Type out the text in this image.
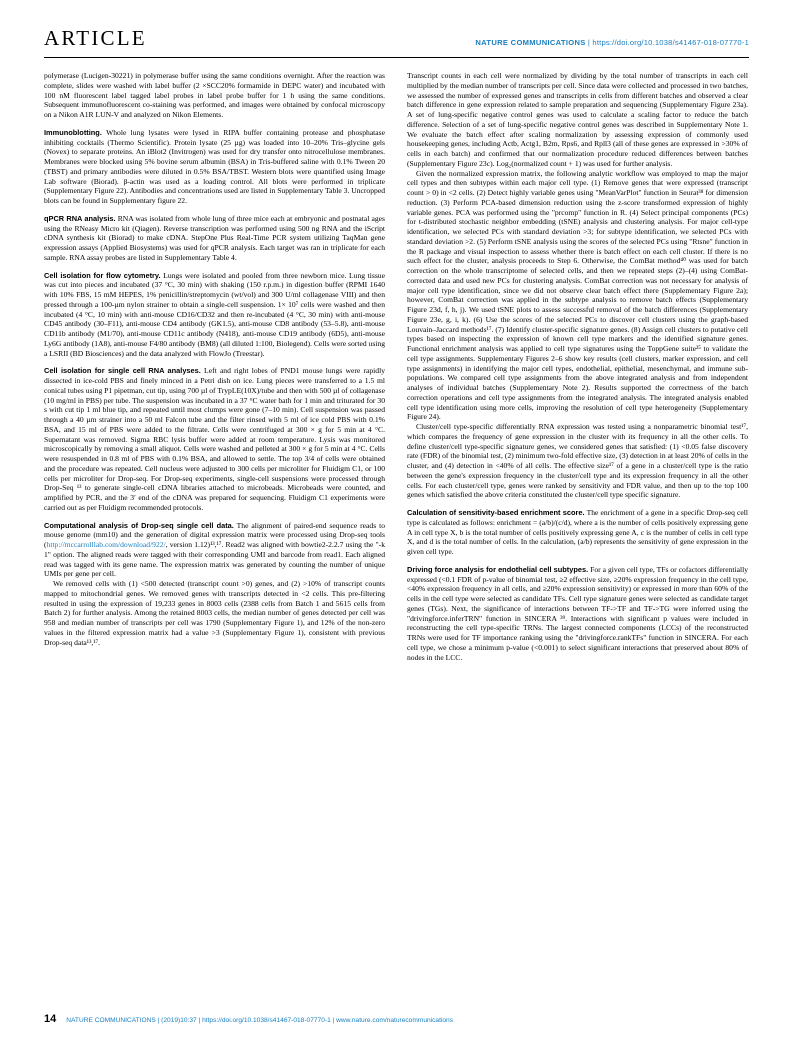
ARTICLE	NATURE COMMUNICATIONS | https://doi.org/10.1038/s41467-018-07770-1

polymerase (Lucigen-30221) in polymerase buffer using the same conditions overnight. After the reaction was complete, slides were washed with label buffer (2 ×SCC20% formamide in DEPC water) and incubated with 100 nM fluorescent label tagged label probes in label probe buffer for 1 h using the same conditions. Subsequent immunofluorescent co-staining was performed, and images were obtained by confocal microscopy on a Nikon A1R LUN-V and analyzed on Nikon Elements.

Immunoblotting. Whole lung lysates were lysed in RIPA buffer containing protease and phosphatase inhibiting cocktails (Thermo Scientific). Protein lysate (25 µg) was loaded into 10–20% Tris–glycine gels (Novex) to separate proteins. An iBlot2 (Invitrogen) was used for dry transfer onto nitrocellulose membranes. Membranes were blocked using 5% bovine serum albumin (BSA) in Tris-buffered saline with 0.1% Tween 20 (TBST) and primary antibodies were diluted in 0.5% BSA/TBST. Western blots were quantified using Image Lab software (Biorad). β-actin was used as a loading control. All blots were performed in triplicate (Supplementary Figure 22). Antibodies and concentrations used are listed in Supplementary Table 3. Uncropped blots can be found in Supplementary figure 22.

qPCR RNA analysis. RNA was isolated from whole lung of three mice each at embryonic and postnatal ages using the RNeasy Micro kit (Qiagen). Reverse transcription was performed using 500 ng RNA and the iScript cDNA synthesis kit (Biorad) to make cDNA. StepOne Plus Real-Time PCR system utilizing TaqMan gene expression assays (Applied Biosystems) was used for qPCR analysis. Each target was ran in triplicate for each sample. RNA assay probes are listed in Supplementary Table 4.

Cell isolation for flow cytometry. Lungs were isolated and pooled from three newborn mice. Lung tissue was cut into pieces and incubated (37 °C, 30 min) with shaking (150 r.p.m.) in digestion buffer (RPMI 1640 with 10% FBS, 15 mM HEPES, 1% penicillin/streptomycin (wt/vol) and 300 U/ml collagenase VIII) and then pressed through a 100-µm nylon strainer to obtain a single-cell suspension. 1× 10⁷ cells were washed and then incubated (4 °C, 10 min) with anti-mouse CD16/CD32 and then re-incubated (4 °C, 30 min) with anti-mouse CD45 antibody (30–F11), anti-mouse CD4 antibody (GK1.5), anti-mouse CD8 antibody (53–5.8), anti-mouse CD11b antibody (M1/70), anti-mouse CD11c antibody (N418), anti-mouse CD19 antibody (6D5), anti-mouse Ly6G antibody (1A8), anti-mouse F4/80 antibody (BM8) (all diluted 1:100, Biolegend). Cells were sorted using a LSRII (BD Biosciences) and the data analyzed with FlowJo (Treestar).

Cell isolation for single cell RNA analyses. Left and right lobes of PND1 mouse lungs were rapidly dissected in ice-cold PBS and finely minced in a Petri dish on ice. Lung pieces were transferred to a 1.5 ml conical tubes using P1 pipetman, cut tip, using 700 µl of TrypLE(10X)/tube and then with 500 µl of collagenase (10 mg/ml in PBS) per tube. The suspension was incubated in a 37 °C water bath for 1 min and triturated for 30 s with cut tip 1 ml blue tip, and repeated until most clumps were gone (7–10 min). Cell suspension was passed through a 40 µm strainer into a 50 ml Falcon tube and the filter rinsed with 5 ml of ice cold PBS with 0.1% BSA, and 15 ml of PBS were added to the filtrate. Cells were centrifuged at 300 × g for 5 min at 4 °C. Supernatant was removed. Sigma RBC lysis buffer were added at room temperature. Lysis was monitored microscopically by removing a small aliquot. Cells were washed and pelleted at 300 × g for 5 min at 4 °C. Cells were resuspended in 0.8 ml of PBS with 0.1% BSA, and allowed to settle. The top 3/4 of cells were obtained and the procedure was repeated. Cell nucleus were adjusted to 300 cells per microliter for Fluidigm C1, or 100 cells per microliter for Drop-seq. For Drop-seq experiments, single-cell suspensions were processed through Drop-Seq ¹³ to generate single-cell cDNA libraries attached to microbeads. Microbeads were counted, and amplified by PCR, and the 3′ end of the cDNA was prepared for sequencing. Fluidigm C1 experiments were carried out as per Fluidigm recommended protocols.

Computational analysis of Drop-seq single cell data. The alignment of paired-end sequence reads to mouse genome (mm10) and the generation of digital expression matrix were processed using Drop-seq tools (http://mccarrolllab.com/download/922/, version 1.12)¹³,¹⁷. Read2 was aligned with bowtie2-2.2.7 using the "-k 1" option. The aligned reads were tagged with their corresponding UMI and barcode from read1. Each aligned read was tagged with its gene name. The expression matrix was generated by counting the number of unique UMIs per gene per cell.

We removed cells with (1) <500 detected (transcript count >0) genes, and (2) >10% of transcript counts mapped to mitochondrial genes. We removed genes with transcripts detected in <2 cells. This pre-filtering resulted in using the expression of 19,233 genes in 8003 cells (2388 cells from Batch 1 and 5615 cells from Batch 2) for further analysis. Among the retained 8003 cells, the median number of genes detected per cell was 958 and median number of transcripts per cell was 1790 (Supplementary Figure 1), and 12% of the non-zero values in the filtered expression matrix had a value >3 (Supplementary Figure 1), consistent with previous Drop-seq data¹³,¹⁷.

Transcript counts in each cell were normalized by dividing by the total number of transcripts in each cell multiplied by the median number of transcripts per cell. Since data were collected and processed in two batches, we assessed the number of expressed genes and transcripts in cells from different batches and observed a clear batch difference in gene expression related to sample preparation and sequencing (Supplementary Figure 23a). A set of lung-specific negative control genes was used to calculate a scaling factor to reduce the batch difference. Selection of a set of lung-specific negative control genes was described in Supplementary Note 1. We evaluate the batch effect after scaling normalization by assessing expression of commonly used housekeeping genes, including Actb, Actg1, B2m, Rps6, and Rpll3 (all of these genes are expressed in >30% of cells in each batch) and confirmed that our normalization procedure reduced differences between batches (Supplementary Figure 23c). Log₂(normalized count + 1) was used for further analysis.

Given the normalized expression matrix, the following analytic workflow was employed to map the major cell types and then subtypes within each major cell type. (1) Remove genes that were expressed (transcript count > 0) in <2 cells. (2) Detect highly variable genes using "MeanVarPlot" function in Seurat³⁸ for dimension reduction. (3) Perform PCA-based dimension reduction using the z-score transformed expression of highly variable genes. PCA was performed using the "prcomp" function in R. (4) Select principal components (PCs) for t-distributed stochastic neighbor embedding (tSNE) analysis and clustering analysis. For major cell-type identification, we selected PCs with standard deviation >3; for subtype identification, we selected PCs with standard deviation >2. (5) Perform tSNE analysis using the scores of the selected PCs using "Rtsne" function in the R package and visual inspection to assess whether there is batch effect on each cell cluster. If there is no such effect for the cluster, analysis proceeds to Step 6. Otherwise, the ComBat method⁴⁰ was used for batch correction on the whole transcriptome of selected cells, and then we repeated steps (2)–(4) using ComBat-corrected data and used new PCs for clustering analysis. ComBat correction was not necessary for analysis of major cell type identification, since we did not observe clear batch effect there (Supplementary Figure 2a); however, ComBat correction was applied in the subtype analysis to remove batch effects (Supplementary Figure 23d, f, h, j). We used tSNE plots to assess successful removal of the batch differences (Supplementary Figure 23e, g, i, k). (6) Use the scores of the selected PCs to discover cell clusters using the graph-based Louvain–Jaccard methods¹⁷. (7) Identify cluster-specific signature genes. (8) Assign cell clusters to putative cell types based on inspecting the expression of known cell type markers and the identified signature genes. Functional enrichment analysis was applied to cell type signatures using the ToppGene suite²⁵ to validate the cell type assignments. Supplementary Figures 2–6 show key results (cell clusters, marker expression, and cell type assignments) in identifying the major cell types, endothelial, epithelial, mesenchymal, and immune sub-populations. We compared cell type assignments from the above integrated analysis and from independent analyses of individual batches (Supplementary Note 2). Results supported the correctness of the batch correction operations and cell type assignments from the integrated analysis. The integrated analysis enabled cell type identification using more cells, improving the resolution of cell type heterogeneity (Supplementary Figure 24).

Cluster/cell type-specific differentially RNA expression was tested using a nonparametric binomial test¹⁷, which compares the frequency of gene expression in the cluster with its frequency in all the other cells. To define cluster/cell type-specific signature genes, we considered genes that satisfied: (1) <0.05 false discovery rate (FDR) of the binomial test, (2) minimum two-fold effective size, (3) detection in at least 20% of cells in the cluster, and (4) detection in <40% of all cells. The effective size¹⁷ of a gene in a cluster/cell type is the ratio between the gene's expression frequency in the cluster/cell type and its expression frequency in all the other cells. For each cluster/cell type, genes were ranked by sensitivity and FDR value, and then up to the top 100 genes which satisfied the above criteria constituted the cluster/cell type specific signature.

Calculation of sensitivity-based enrichment score. The enrichment of a gene in a specific Drop-seq cell type is calculated as follows: enrichment = (a/b)/(c/d), where a is the number of cells positively expressing gene A in cell type X, b is the total number of cells positively expressing gene A, c is the number of cells in cell type X, and d is the total number of cells. In the calculation, (a/b) represents the sensitivity of gene expression in the given cell type.

Driving force analysis for endothelial cell subtypes. For a given cell type, TFs or cofactors differentially expressed (<0.1 FDR of p-value of binomial test, ≥2 effective size, ≥20% expression frequency in the cell type, <40% expression frequency in all cells, and ≥20% expression sensitivity) or expressed in more than 60% of the cells in the cell type were selected as candidate TFs. Cell type signature genes were selected as candidate target genes (TGs). Next, the significance of interactions between TF->TF and TF->TG were inferred using the "drivingforce.inferTRN" function in SINCERA ³⁹. Interactions with significant p values were included in reconstructing the cell type-specific TRNs. The largest connected components (LCCs) of the reconstructed TRNs were used for TF importance ranking using the "drivingforce.rankTFs" function in SINCERA. For each cell type, we chose a minimum p-value (<0.001) to select significant interactions that preserved about 80% of nodes in the LCC.

14 NATURE COMMUNICATIONS | (2019)10:37 | https://doi.org/10.1038/s41467-018-07770-1 | www.nature.com/naturecommunications
